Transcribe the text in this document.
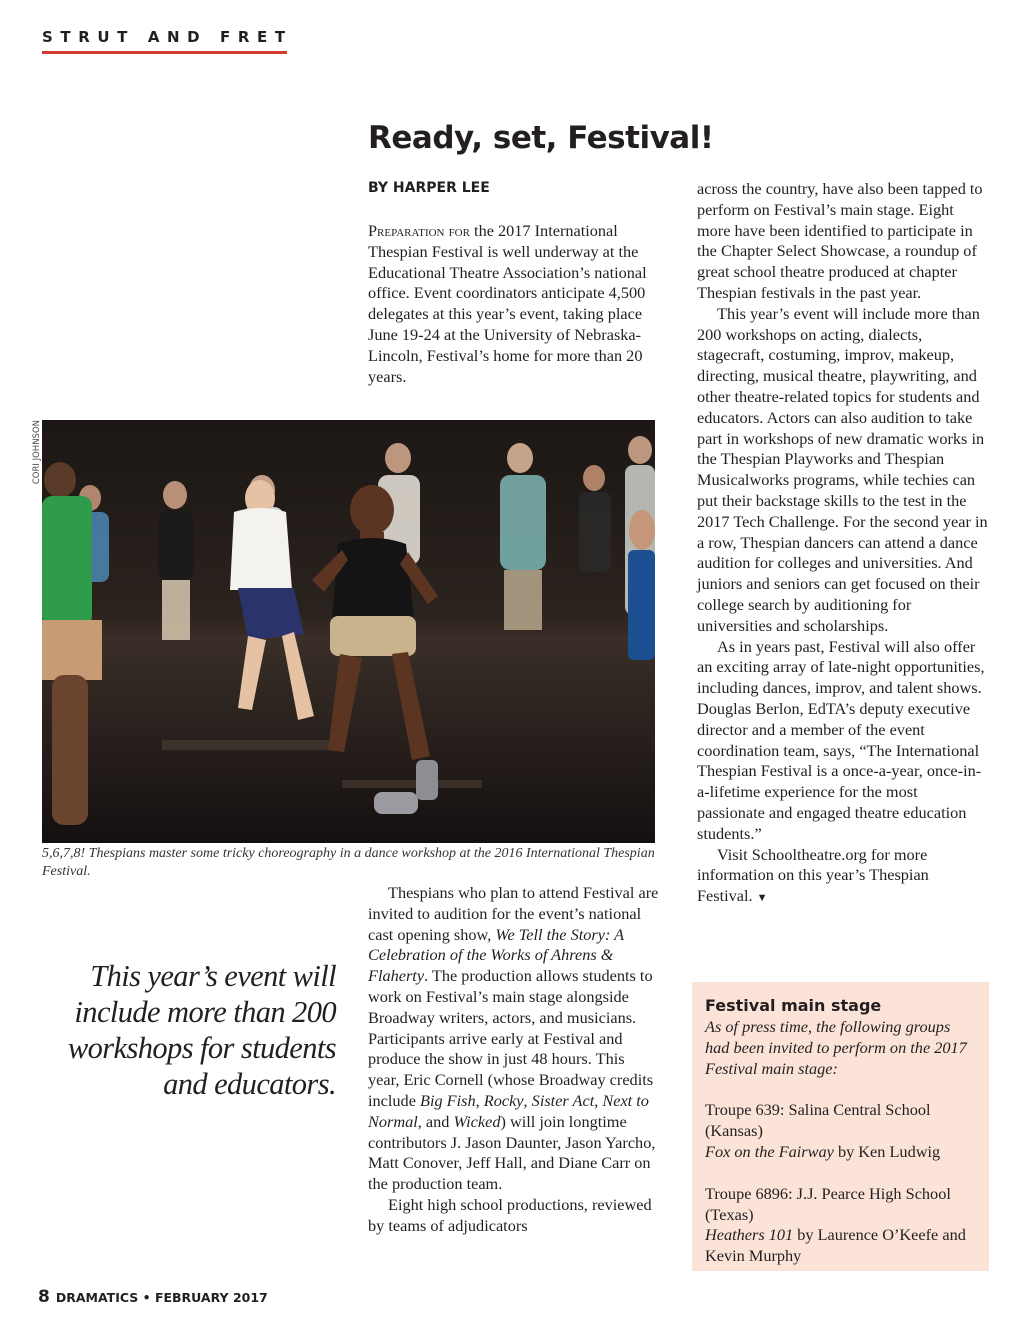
STRUT AND FRET
Ready, set, Festival!
BY HARPER LEE

Preparation for the 2017 International Thespian Festival is well underway at the Educational Theatre Association’s national office. Event coordinators anticipate 4,500 delegates at this year’s event, taking place June 19-24 at the University of Nebraska-Lincoln, Festival’s home for more than 20 years.

CORI JOHNSON

5,6,7,8! Thespians master some tricky choreography in a dance workshop at the 2016 International Thespian Festival.

This year’s event will include more than 200 workshops for students and educators.

Thespians who plan to attend Festival are invited to audition for the event’s national cast opening show, We Tell the Story: A Celebration of the Works of Ahrens & Flaherty. The production allows students to work on Festival’s main stage alongside Broadway writers, actors, and musicians. Participants arrive early at Festival and produce the show in just 48 hours. This year, Eric Cornell (whose Broadway credits include Big Fish, Rocky, Sister Act, Next to Normal, and Wicked) will join longtime contributors J. Jason Daunter, Jason Yarcho, Matt Conover, Jeff Hall, and Diane Carr on the production team.

Eight high school productions, reviewed by teams of adjudicators

across the country, have also been tapped to perform on Festival’s main stage. Eight more have been identified to participate in the Chapter Select Showcase, a roundup of great school theatre produced at chapter Thespian festivals in the past year.

This year’s event will include more than 200 workshops on acting, dialects, stagecraft, costuming, improv, makeup, directing, musical theatre, playwriting, and other theatre-related topics for students and educators. Actors can also audition to take part in workshops of new dramatic works in the Thespian Playworks and Thespian Musicalworks programs, while techies can put their backstage skills to the test in the 2017 Tech Challenge. For the second year in a row, Thespian dancers can attend a dance audition for colleges and universities. And juniors and seniors can get focused on their college search by auditioning for universities and scholarships.

As in years past, Festival will also offer an exciting array of late-night opportunities, including dances, improv, and talent shows. Douglas Berlon, EdTA’s deputy executive director and a member of the event coordination team, says, “The International Thespian Festival is a once-a-year, once-in-a-lifetime experience for the most passionate and engaged theatre education students.”

Visit Schooltheatre.org for more information on this year’s Thespian Festival. ▼

Festival main stage

As of press time, the following groups had been invited to perform on the 2017 Festival main stage:

Troupe 639: Salina Central School (Kansas)
Fox on the Fairway by Ken Ludwig
Troupe 6896: J.J. Pearce High School (Texas)
Heathers 101 by Laurence O’Keefe and Kevin Murphy
8 DRAMATICS • FEBRUARY 2017
